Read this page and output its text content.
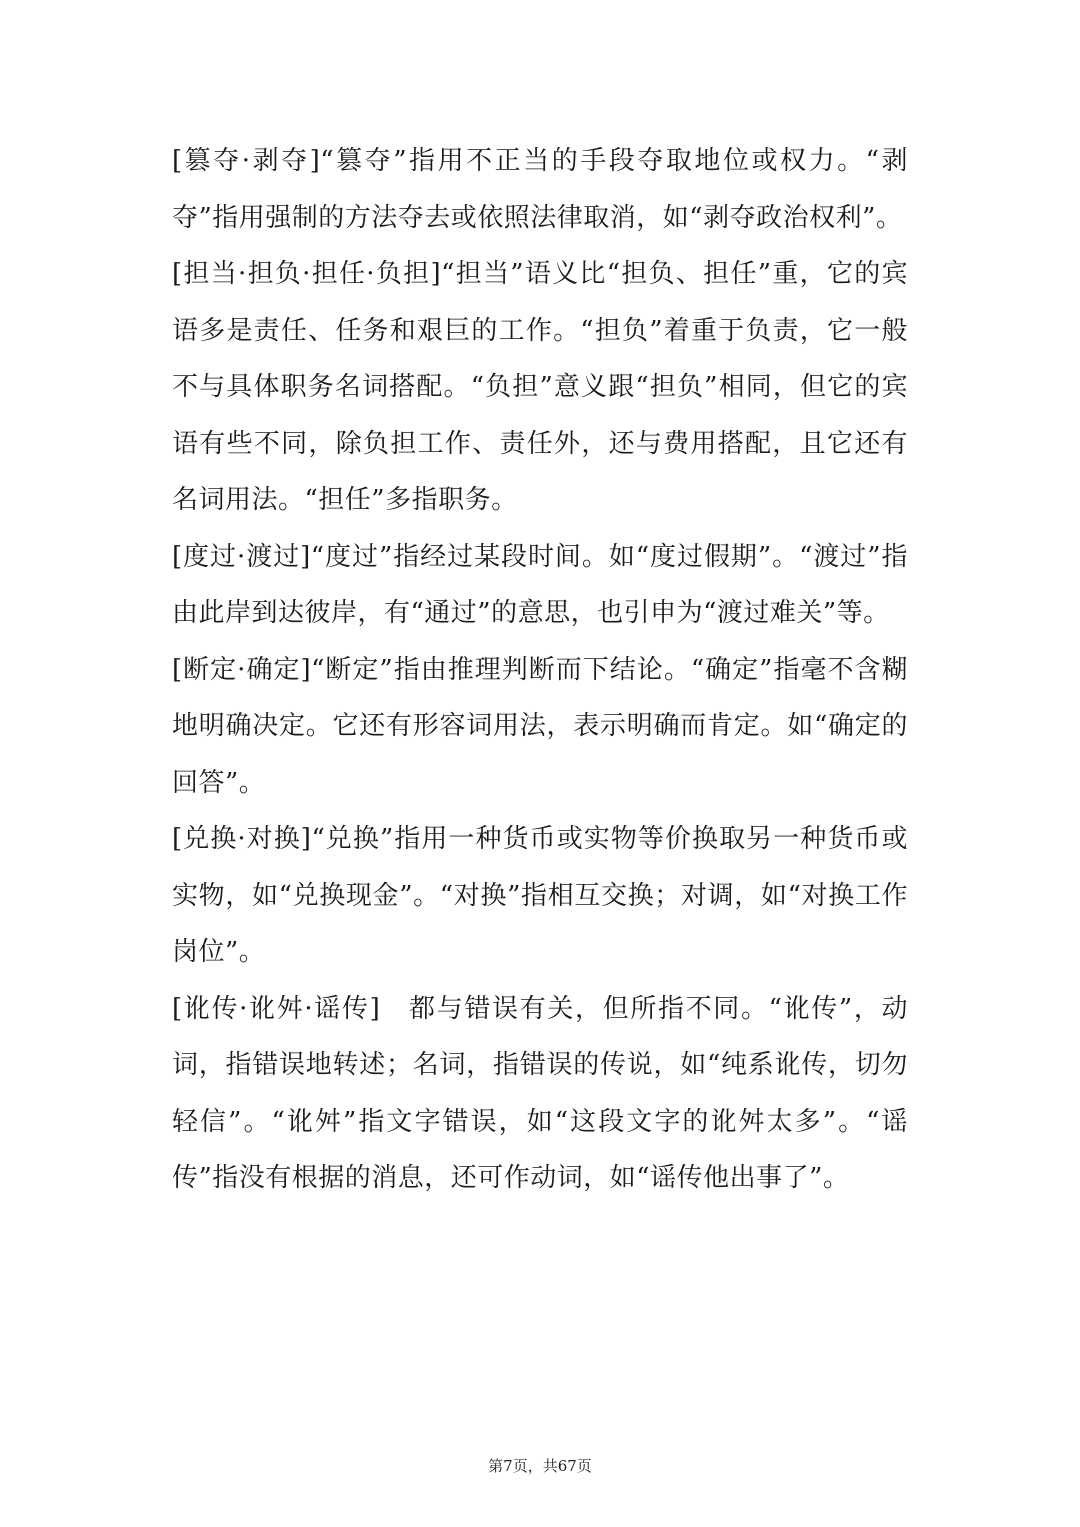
[篡夺·剥夺]“篡夺”指用不正当的手段夺取地位或权力。“剥夺”指用强制的方法夺去或依照法律取消，如“剥夺政治权利”。

[担当·担负·担任·负担]“担当”语义比“担负、担任”重，它的宾语多是责任、任务和艰巨的工作。“担负”着重于负责，它一般不与具体职务名词搭配。“负担”意义跟“担负”相同，但它的宾语有些不同，除负担工作、责任外，还与费用搭配，且它还有名词用法。“担任”多指职务。

[度过·渡过]“度过”指经过某段时间。如“度过假期”。“渡过”指由此岸到达彼岸，有“通过”的意思，也引申为“渡过难关”等。

[断定·确定]“断定”指由推理判断而下结论。“确定”指毫不含糊地明确决定。它还有形容词用法，表示明确而肯定。如“确定的回答”。

[兑换·对换]“兑换”指用一种货币或实物等价换取另一种货币或实物，如“兑换现金”。“对换”指相互交换；对调，如“对换工作岗位”。

[讹传·讹舛·谣传]　都与错误有关，但所指不同。“讹传”，动词，指错误地转述；名词，指错误的传说，如“纯系讹传，切勿轻信”。“讹舛”指文字错误，如“这段文字的讹舛太多”。“谣传”指没有根据的消息，还可作动词，如“谣传他出事了”。

第7页，共67页
